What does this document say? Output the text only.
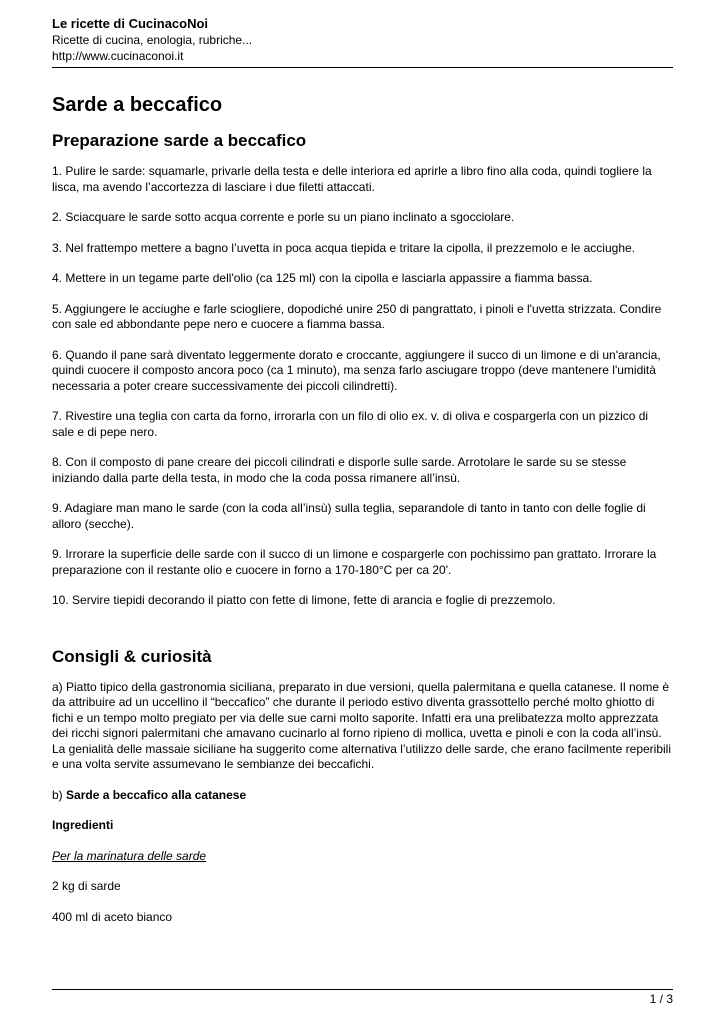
Le ricette di CucinacoNoi
Ricette di cucina, enologia, rubriche...
http://www.cucinaconoi.it
Sarde a beccafico
Preparazione sarde a beccafico

1. Pulire le sarde: squamarle, privarle della testa e delle interiora ed aprirle a libro fino alla coda, quindi togliere la lisca, ma avendo l’accortezza di lasciare i due filetti attaccati.

2. Sciacquare le sarde sotto acqua corrente e porle su un piano inclinato a sgocciolare.

3. Nel frattempo mettere a bagno l’uvetta in poca acqua tiepida e tritare la cipolla, il prezzemolo e le acciughe.

4. Mettere in un tegame parte dell'olio (ca 125 ml) con la cipolla e lasciarla appassire a fiamma bassa.

5. Aggiungere le acciughe e farle sciogliere, dopodiché unire 250 di pangrattato, i pinoli e l'uvetta strizzata. Condire con sale ed abbondante pepe nero e cuocere a fiamma bassa.

6. Quando il pane sarà diventato leggermente dorato e croccante, aggiungere il succo di un limone e di un'arancia, quindi cuocere il composto ancora poco (ca 1 minuto), ma senza farlo asciugare troppo (deve mantenere l'umidità necessaria a poter creare successivamente dei piccoli cilindretti).

7. Rivestire una teglia con carta da forno, irrorarla con un filo di olio ex. v. di oliva e cospargerla con un pizzico di sale e di pepe nero.

8. Con il composto di pane creare dei piccoli cilindrati e disporle sulle sarde. Arrotolare le sarde su se stesse iniziando dalla parte della testa, in modo che la coda possa rimanere all’insù.

9. Adagiare man mano le sarde (con la coda all’insù) sulla teglia, separandole di tanto in tanto con delle foglie di alloro (secche).

9. Irrorare la superficie delle sarde con il succo di un limone e cospargerle con pochissimo pan grattato. Irrorare la preparazione con il restante olio e cuocere in forno a 170-180°C per ca 20'.

10. Servire tiepidi decorando il piatto con fette di limone, fette di arancia e foglie di prezzemolo.

Consigli & curiosità

a) Piatto tipico della gastronomia siciliana, preparato in due versioni, quella palermitana e quella catanese. Il nome è da attribuire ad un uccellino il “beccafico” che durante il periodo estivo diventa grassottello perché molto ghiotto di fichi e un tempo molto pregiato per via delle sue carni molto saporite. Infatti era una prelibatezza molto apprezzata dei ricchi signori palermitani che amavano cucinarlo al forno ripieno di mollica, uvetta e pinoli e con la coda all’insù. La genialità delle massaie siciliane ha suggerito come alternativa l’utilizzo delle sarde, che erano facilmente reperibili e una volta servite assumevano le sembianze dei beccafichi.

b) Sarde a beccafico alla catanese

Ingredienti

Per la marinatura delle sarde

2 kg di sarde

400 ml di aceto bianco

1 / 3
